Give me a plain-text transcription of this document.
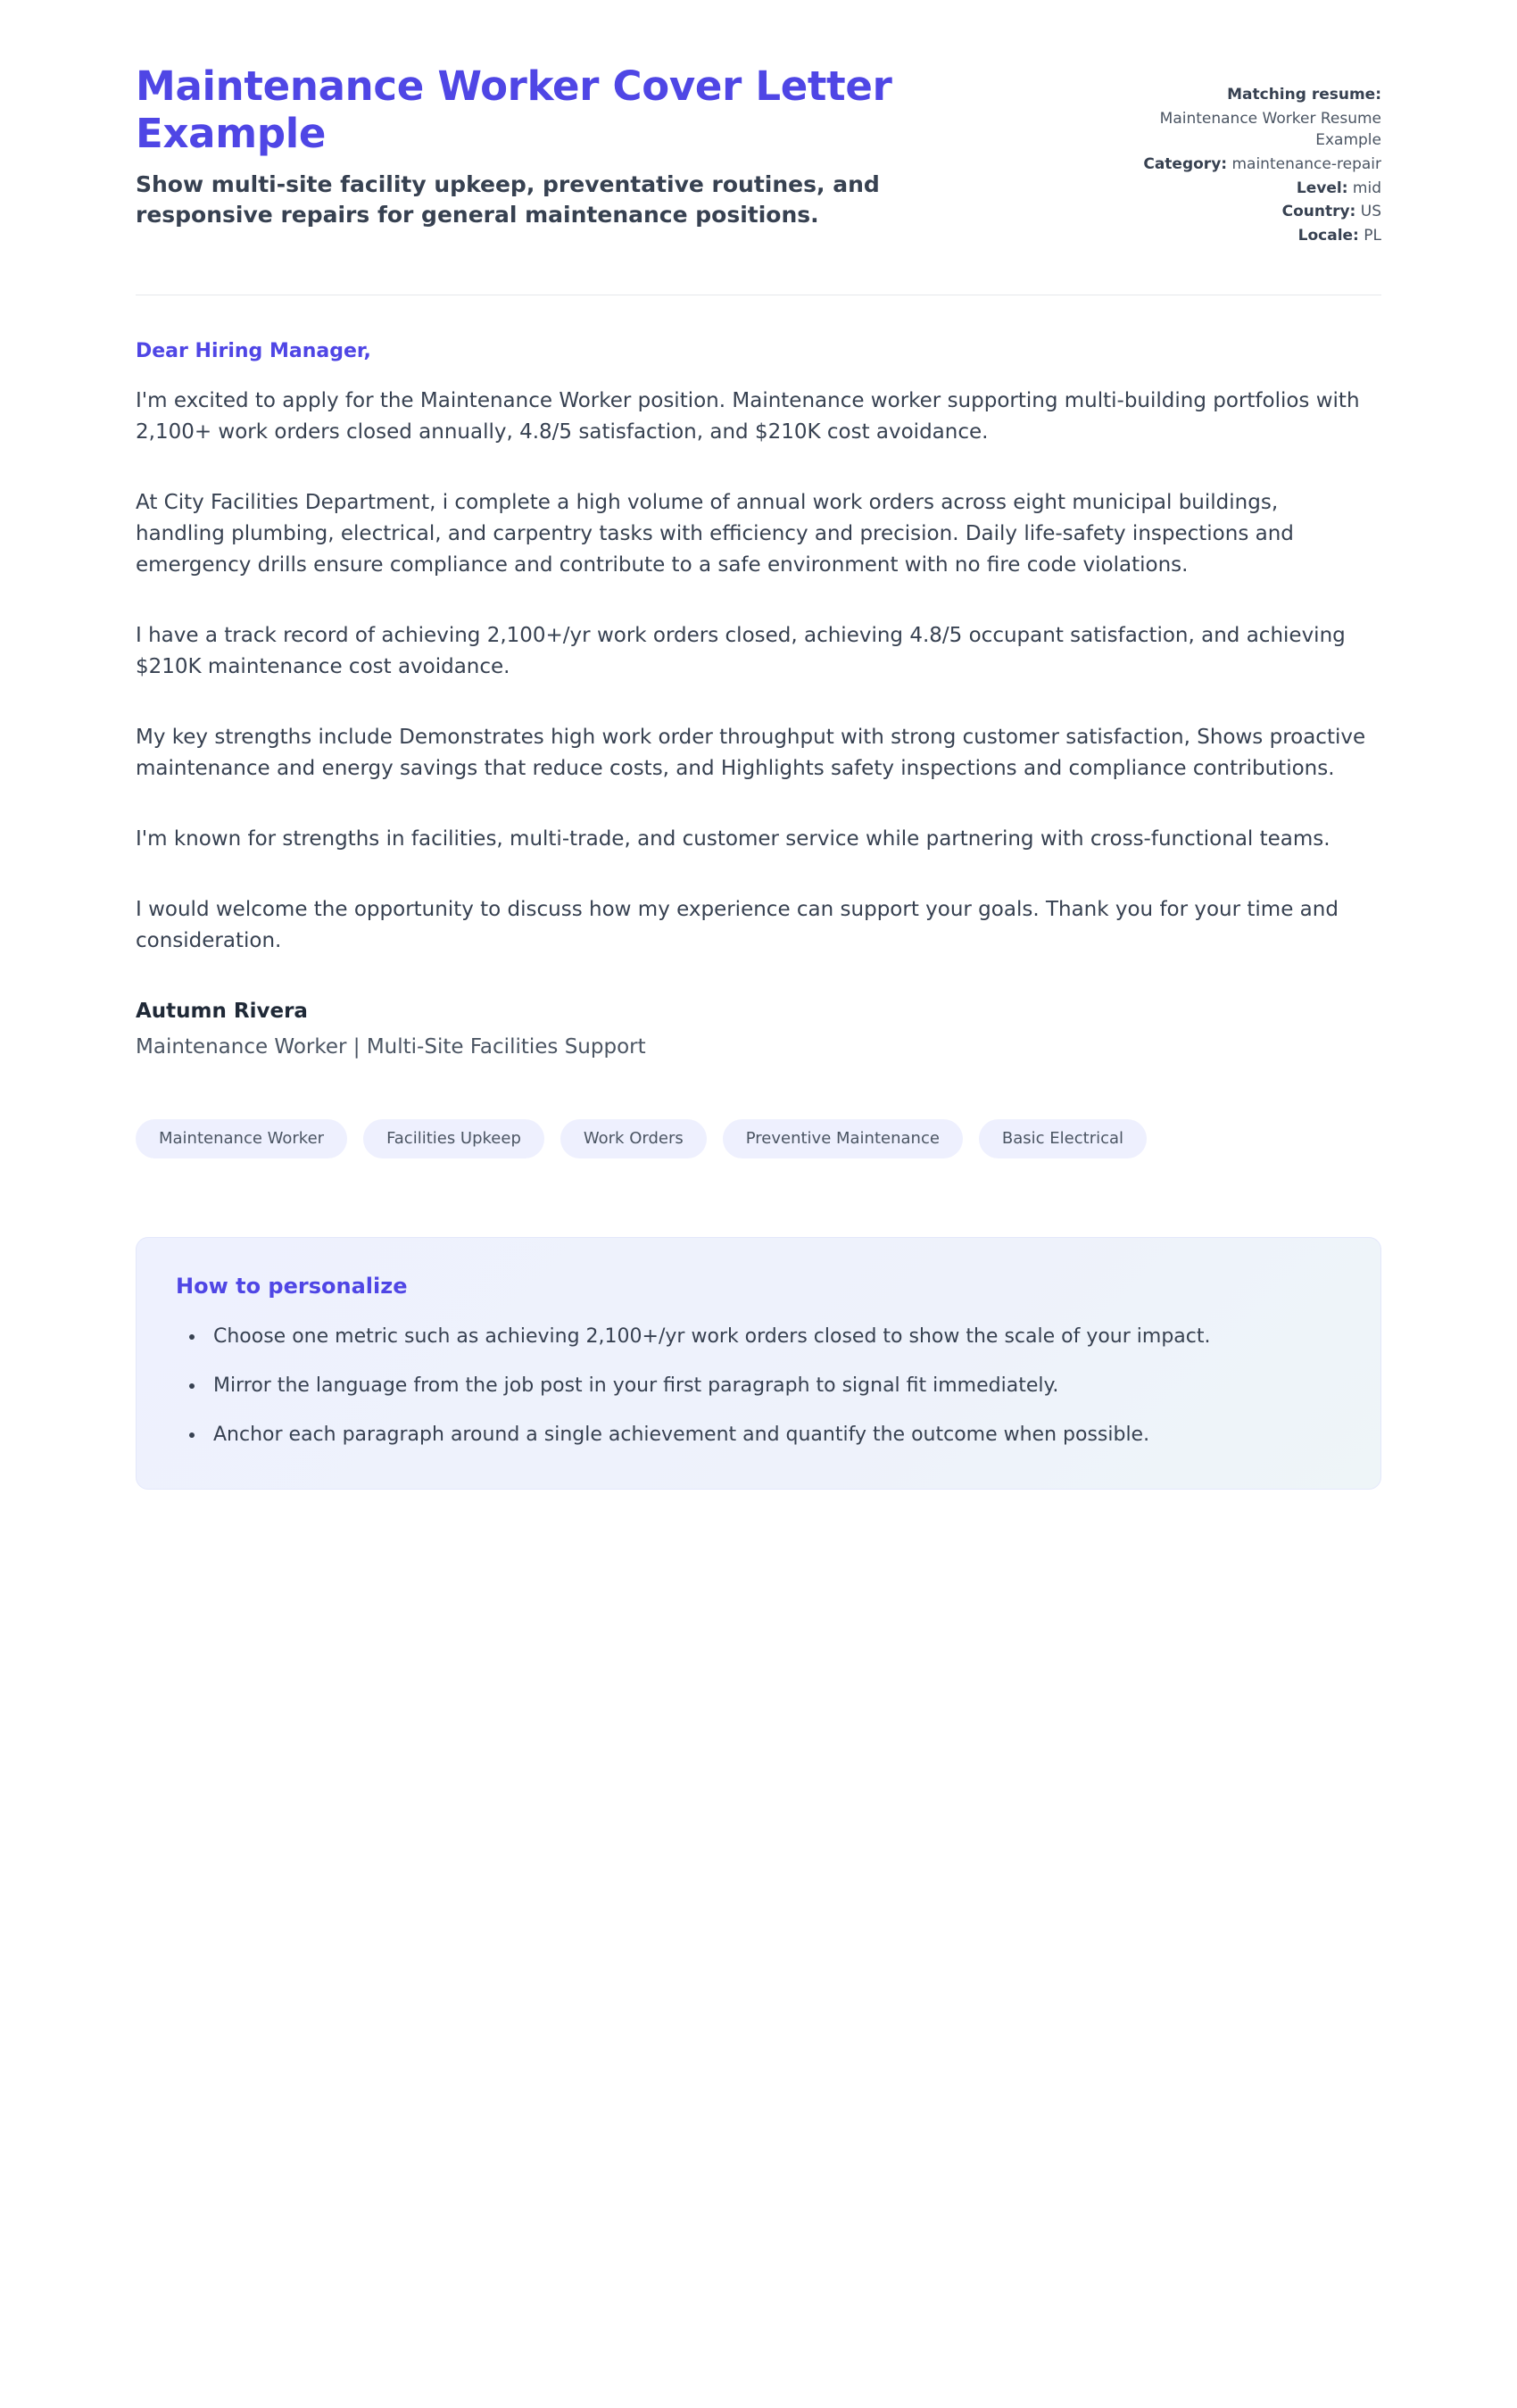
Maintenance Worker Cover Letter Example

Show multi-site facility upkeep, preventative routines, and responsive repairs for general maintenance positions.

Matching resume:
Maintenance Worker Resume Example
Category: maintenance-repair
Level: mid
Country: US
Locale: PL

Dear Hiring Manager,

I'm excited to apply for the Maintenance Worker position. Maintenance worker supporting multi-building portfolios with 2,100+ work orders closed annually, 4.8/5 satisfaction, and $210K cost avoidance.

At City Facilities Department, i complete a high volume of annual work orders across eight municipal buildings, handling plumbing, electrical, and carpentry tasks with efficiency and precision. Daily life-safety inspections and emergency drills ensure compliance and contribute to a safe environment with no fire code violations.

I have a track record of achieving 2,100+/yr work orders closed, achieving 4.8/5 occupant satisfaction, and achieving $210K maintenance cost avoidance.

My key strengths include Demonstrates high work order throughput with strong customer satisfaction, Shows proactive maintenance and energy savings that reduce costs, and Highlights safety inspections and compliance contributions.

I'm known for strengths in facilities, multi-trade, and customer service while partnering with cross-functional teams.

I would welcome the opportunity to discuss how my experience can support your goals. Thank you for your time and consideration.

Autumn Rivera

Maintenance Worker | Multi-Site Facilities Support

Maintenance Worker	Facilities Upkeep	Work Orders	Preventive Maintenance	Basic Electrical

How to personalize

• Choose one metric such as achieving 2,100+/yr work orders closed to show the scale of your impact.
• Mirror the language from the job post in your first paragraph to signal fit immediately.
• Anchor each paragraph around a single achievement and quantify the outcome when possible.
